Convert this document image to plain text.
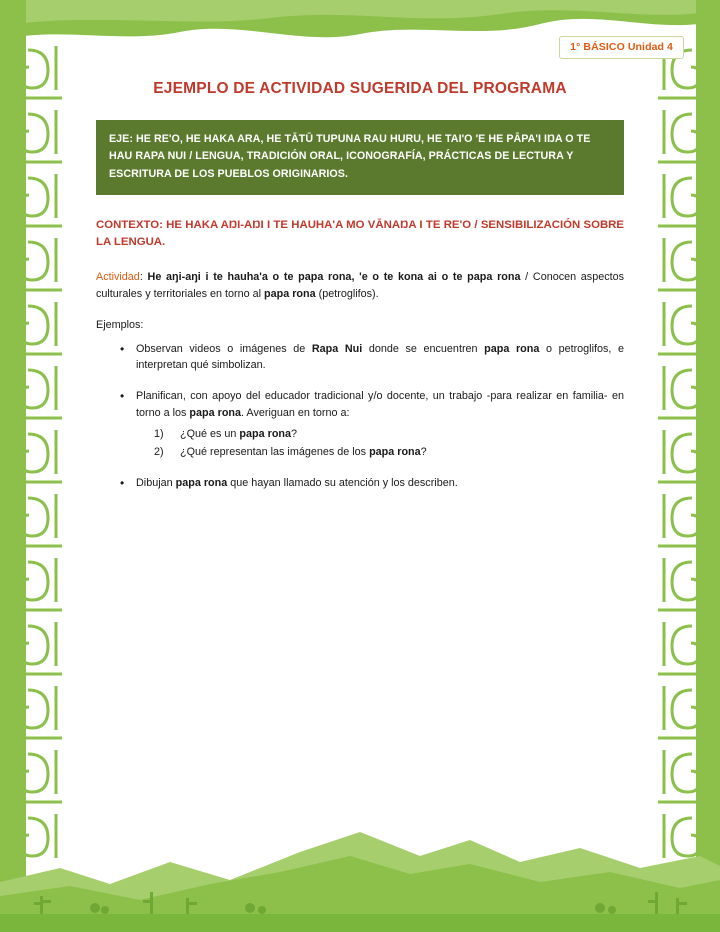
1° BÁSICO Unidad 4
EJEMPLO DE ACTIVIDAD SUGERIDA DEL PROGRAMA
EJE: HE RE'O, HE HAKA ARA, HE TĀTŪ TUPUNA RAU HURU, HE TAI'O 'E HE PĀPA'I IŊA O TE HAU RAPA NUI / LENGUA, TRADICIÓN ORAL, ICONOGRAFÍA, PRÁCTICAS DE LECTURA Y ESCRITURA DE LOS PUEBLOS ORIGINARIOS.
CONTEXTO: HE HAKA AŊI-AŊI I TE HAUHA'A MO VĀNAŊA I TE RE'O / SENSIBILIZACIÓN SOBRE LA LENGUA.
Actividad: He aŋi-aŋi i te hauha'a o te papa rona, 'e o te kona ai o te papa rona / Conocen aspectos culturales y territoriales en torno al papa rona (petroglifos).
Ejemplos:
• Observan videos o imágenes de Rapa Nui donde se encuentren papa rona o petroglifos, e interpretan qué simbolizan.
• Planifican, con apoyo del educador tradicional y/o docente, un trabajo -para realizar en familia- en torno a los papa rona. Averiguan en torno a:
¿Qué es un papa rona?
¿Qué representan las imágenes de los papa rona?
• Dibujan papa rona que hayan llamado su atención y los describen.
